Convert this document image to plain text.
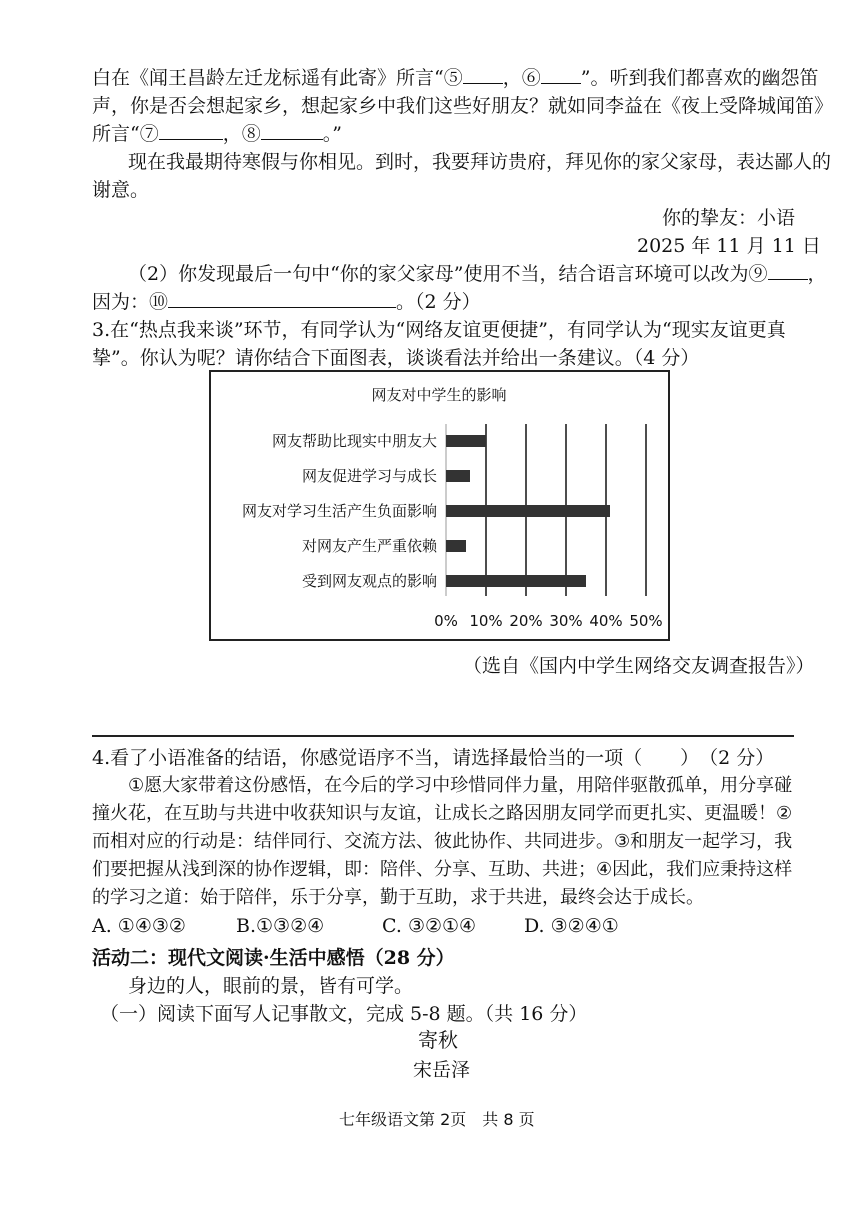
白在《闻王昌龄左迁龙标遥有此寄》所言“⑤ ，⑥ ”。听到我们都喜欢的幽怨笛
声，你是否会想起家乡，想起家乡中我们这些好朋友？就如同李益在《夜上受降城闻笛》
所言“⑦	，⑧	。”
现在我最期待寒假与你相见。到时，我要拜访贵府，拜见你的家父家母，表达鄙人的
谢意。
你的挚友：小语
2025 年 11 月 11 日
（2）你发现最后一句中“你的家父家母”使用不当，结合语言环境可以改为⑨ ，
因为：⑩	。（2 分）
3.在“热点我来谈”环节，有同学认为“网络友谊更便捷”，有同学认为“现实友谊更真
挚”。你认为呢？请你结合下面图表，谈谈看法并给出一条建议。（4 分）
网友对中学生的影响
0% 10% 20% 30% 40% 50%
网友帮助比现实中朋友大
网友促进学习与成长
网友对学习生活产生负面影响
对网友产生严重依赖
受到网友观点的影响
（选自《国内中学生网络交友调查报告》）
4.看了小语准备的结语，你感觉语序不当，请选择最恰当的一项（　　）　（2 分）
①愿大家带着这份感悟，在今后的学习中珍惜同伴力量，用陪伴驱散孤单，用分享碰
撞火花，在互助与共进中收获知识与友谊，让成长之路因朋友同学而更扎实、更温暖！②
而相对应的行动是：结伴同行、交流方法、彼此协作、共同进步。③和朋友一起学习，我
们要把握从浅到深的协作逻辑，即：陪伴、分享、互助、共进；④因此，我们应秉持这样
的学习之道：始于陪伴，乐于分享，勤于互助，求于共进，最终会达于成长。
A. ①④③②	B.①③②④	C. ③②①④	D. ③②④①
活动二：现代文阅读·生活中感悟（28 分）
身边的人，眼前的景，皆有可学。
（一）阅读下面写人记事散文，完成 5-8 题。（共 16 分）
寄秋
宋岳泽
七年级语文第 2页　共 8 页
